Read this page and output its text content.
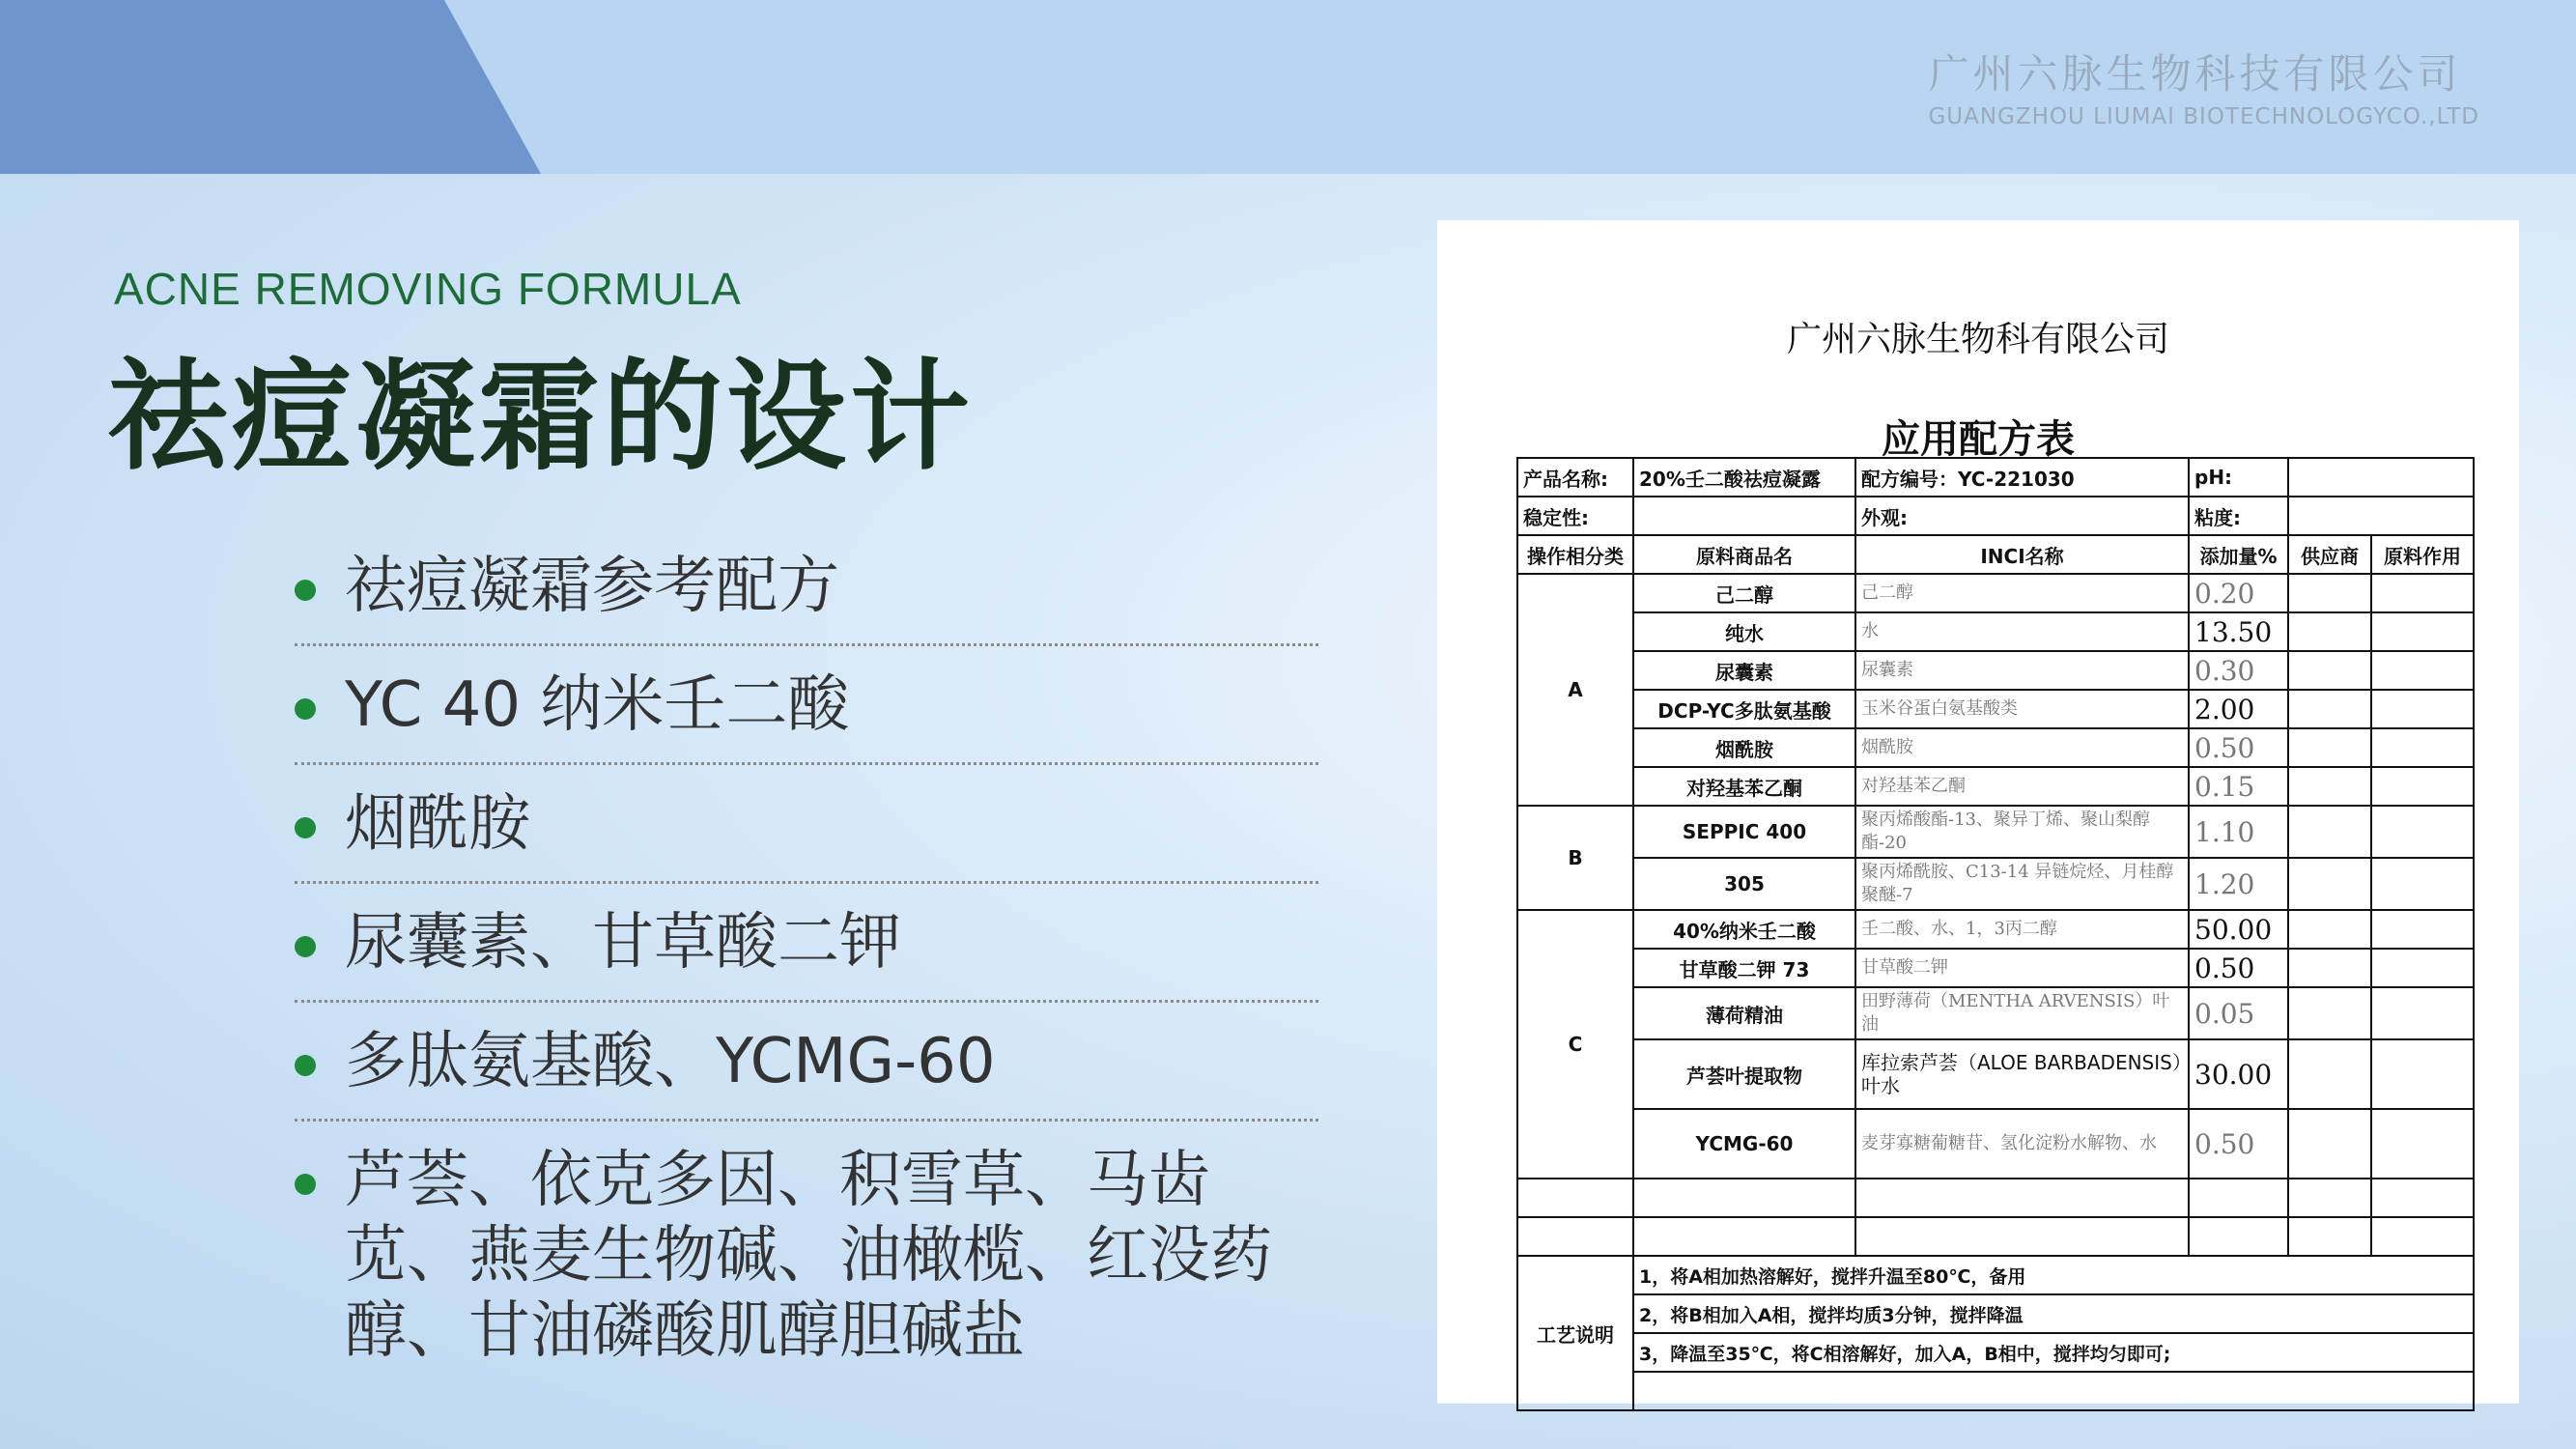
广州六脉生物科技有限公司
GUANGZHOU LIUMAI BIOTECHNOLOGYCO.,LTD
ACNE REMOVING FORMULA
祛痘凝霜的设计
祛痘凝霜参考配方
YC 40 纳米壬二酸
烟酰胺
尿囊素、甘草酸二钾
多肽氨基酸、YCMG-60
芦荟、依克多因、积雪草、马齿苋、燕麦生物碱、油橄榄、红没药醇、甘油磷酸肌醇胆碱盐
广州六脉生物科有限公司
应用配方表
产品名称:	20%壬二酸祛痘凝露	配方编号：YC-221030	pH:		
稳定性:		外观:	粘度:		
操作相分类	原料商品名	INCI名称	添加量%	供应商	原料作用
A	己二醇	己二醇	0.20		
	纯水	水	13.50		
	尿囊素	尿囊素	0.30		
	DCP-YC多肽氨基酸	玉米谷蛋白氨基酸类	2.00		
	烟酰胺	烟酰胺	0.50		
	对羟基苯乙酮	对羟基苯乙酮	0.15		
B	SEPPIC 400	聚丙烯酸酯-13、聚异丁烯、聚山梨醇酯-20	1.10		
	305	聚丙烯酰胺、C13-14 异链烷烃、月桂醇聚醚-7	1.20		
C	40%纳米壬二酸	壬二酸、水、1，3丙二醇	50.00		
	甘草酸二钾 73	甘草酸二钾	0.50		
	薄荷精油	田野薄荷（MENTHA ARVENSIS）叶油	0.05		
	芦荟叶提取物	库拉索芦荟（ALOE BARBADENSIS）叶水	30.00		
	YCMG-60	麦芽寡糖葡糖苷、氢化淀粉水解物、水	0.50		

工艺说明	1，将A相加热溶解好，搅拌升温至80℃，备用				
	2，将B相加入A相，搅拌均质3分钟，搅拌降温				
	3，降温至35℃，将C相溶解好，加入A，B相中，搅拌均匀即可;				
